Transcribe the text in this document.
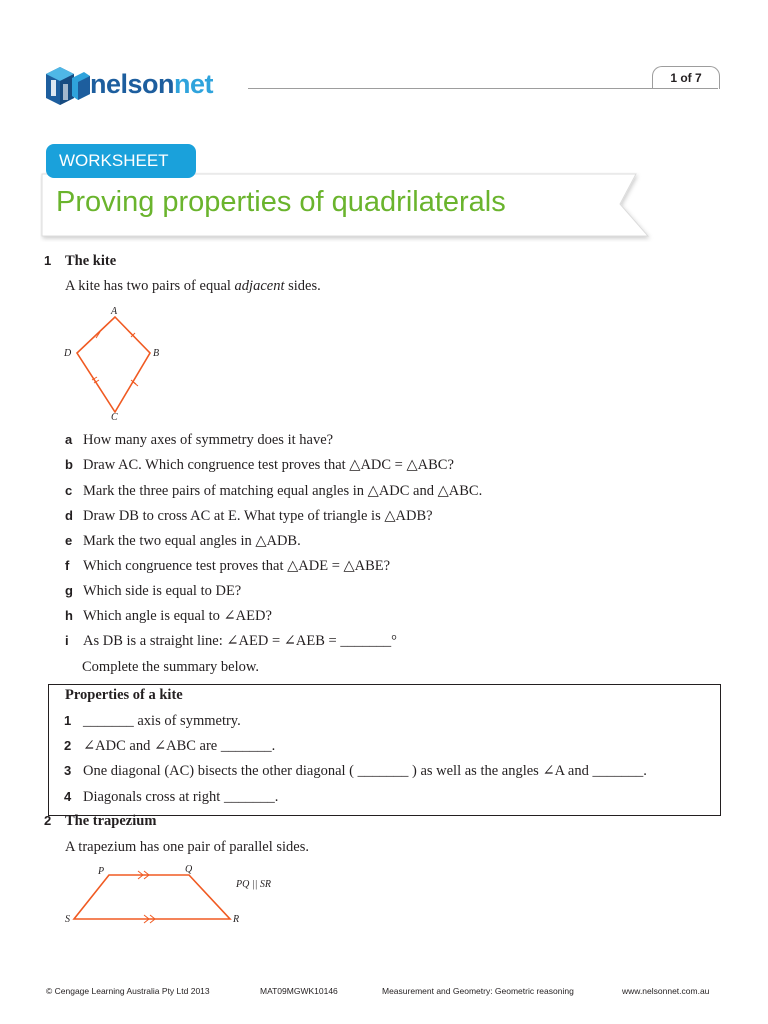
nelsonnet	1 of 7
WORKSHEET
Proving properties of quadrilaterals
1 The kite
A kite has two pairs of equal adjacent sides.
A
B
C
D
a How many axes of symmetry does it have?
b Draw AC. Which congruence test proves that △ADC = △ABC?
c Mark the three pairs of matching equal angles in △ADC and △ABC.
d Draw DB to cross AC at E. What type of triangle is △ADB?
e Mark the two equal angles in △ADB.
f Which congruence test proves that △ADE = △ABE?
g Which side is equal to DE?
h Which angle is equal to ∠AED?
i As DB is a straight line: ∠AED = ∠AEB = _______°
Complete the summary below.
Properties of a kite
1 _______ axis of symmetry.
2 ∠ADC and ∠ABC are _______.
3 One diagonal (AC) bisects the other diagonal ( _______ ) as well as the angles ∠A and _______.
4 Diagonals cross at right _______.
2 The trapezium
A trapezium has one pair of parallel sides.
P	Q
R
S
PQ || SR
© Cengage Learning Australia Pty Ltd 2013	MAT09MGWK10146	Measurement and Geometry: Geometric reasoning	www.nelsonnet.com.au
